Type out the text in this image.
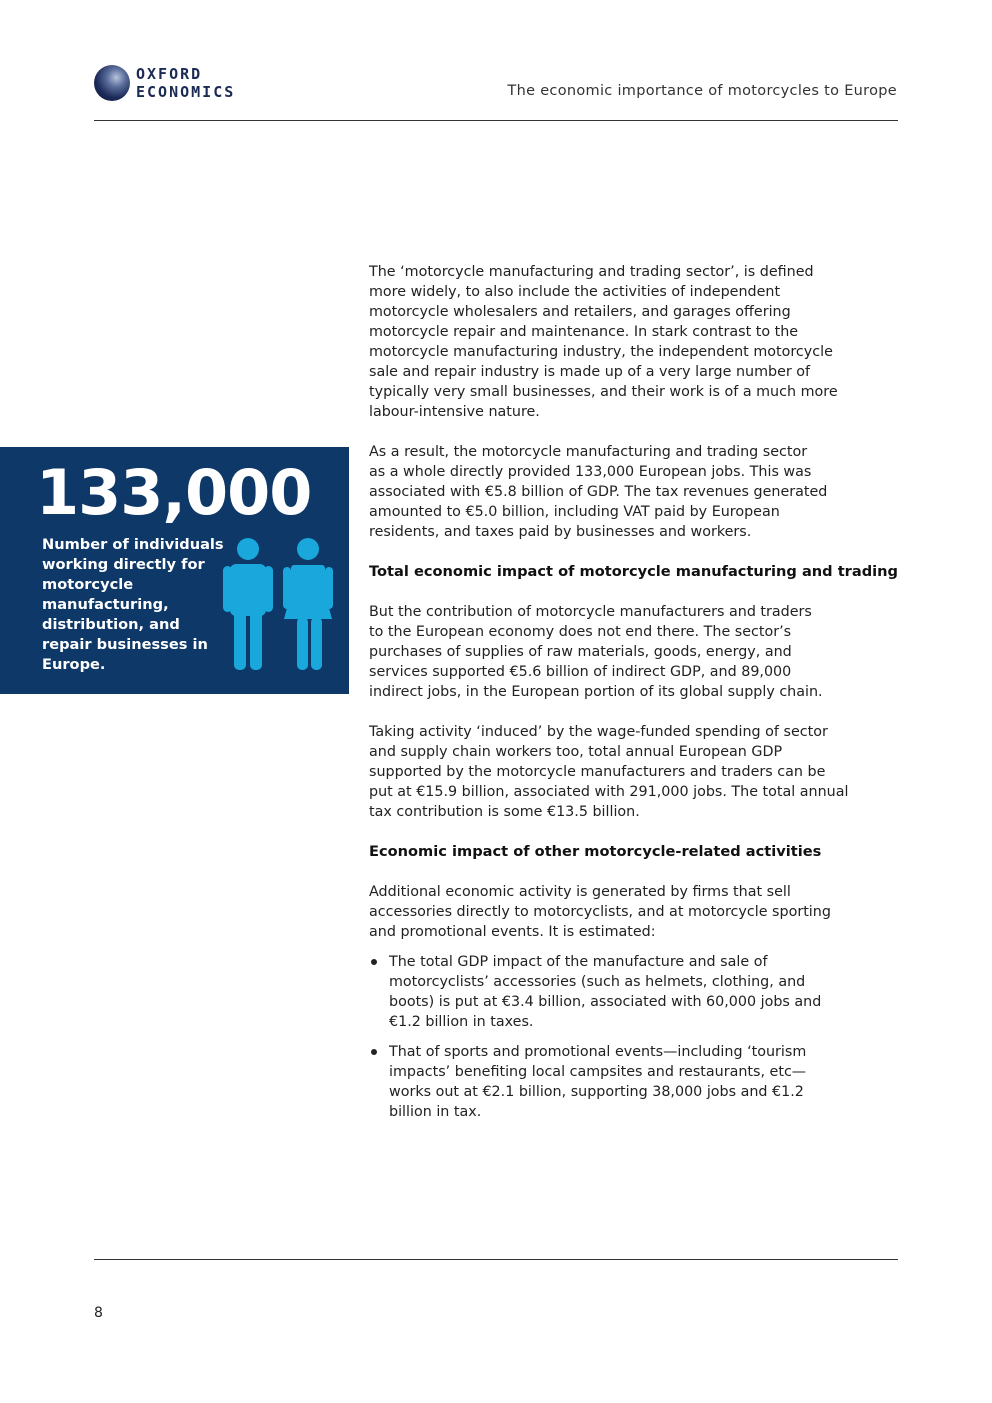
OXFORD
ECONOMICS	The economic importance of motorcycles to Europe
133,000

Number of individuals working directly for motorcycle manufacturing, distribution, and repair businesses in Europe.

The ‘motorcycle manufacturing and trading sector’, is defined
more widely, to also include the activities of independent
motorcycle wholesalers and retailers, and garages offering
motorcycle repair and maintenance. In stark contrast to the
motorcycle manufacturing industry, the independent motorcycle
sale and repair industry is made up of a very large number of
typically very small businesses, and their work is of a much more
labour-intensive nature.

As a result, the motorcycle manufacturing and trading sector
as a whole directly provided 133,000 European jobs. This was
associated with €5.8 billion of GDP. The tax revenues generated
amounted to €5.0 billion, including VAT paid by European
residents, and taxes paid by businesses and workers.

Total economic impact of motorcycle manufacturing and trading

But the contribution of motorcycle manufacturers and traders
to the European economy does not end there. The sector’s
purchases of supplies of raw materials, goods, energy, and
services supported €5.6 billion of indirect GDP, and 89,000
indirect jobs, in the European portion of its global supply chain.

Taking activity ‘induced’ by the wage-funded spending of sector
and supply chain workers too, total annual European GDP
supported by the motorcycle manufacturers and traders can be
put at €15.9 billion, associated with 291,000 jobs. The total annual
tax contribution is some €13.5 billion.

Economic impact of other motorcycle-related activities

Additional economic activity is generated by firms that sell
accessories directly to motorcyclists, and at motorcycle sporting
and promotional events. It is estimated:

The total GDP impact of the manufacture and sale of
motorcyclists’ accessories (such as helmets, clothing, and
boots) is put at €3.4 billion, associated with 60,000 jobs and
€1.2 billion in taxes.
That of sports and promotional events—including ‘tourism
impacts’ benefiting local campsites and restaurants, etc—
works out at €2.1 billion, supporting 38,000 jobs and €1.2
billion in tax.
8
